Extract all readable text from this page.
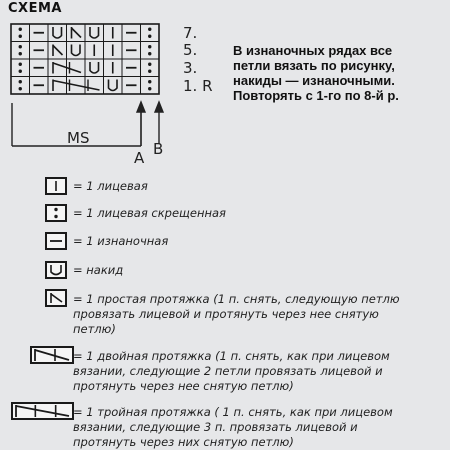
СХЕМА
7.
5.
3.
1. R
В изнаночных рядах все
петли вязать по рисунку,
накиды — изнаночными.
Повторять с 1-го по 8-й р.
MS
A B
= 1 лицевая
= 1 лицевая скрещенная
= 1 изнаночная
= накид
= 1 простая протяжка (1 п. снять, следующую петлю
провязать лицевой и протянуть через нее снятую
петлю)
= 1 двойная протяжка (1 п. снять, как при лицевом
вязании, следующие 2 петли провязать лицевой и
протянуть через нее снятую петлю)
= 1 тройная протяжка ( 1 п. снять, как при лицевом
вязании, следующие 3 п. провязать лицевой и
протянуть через них снятую петлю)
